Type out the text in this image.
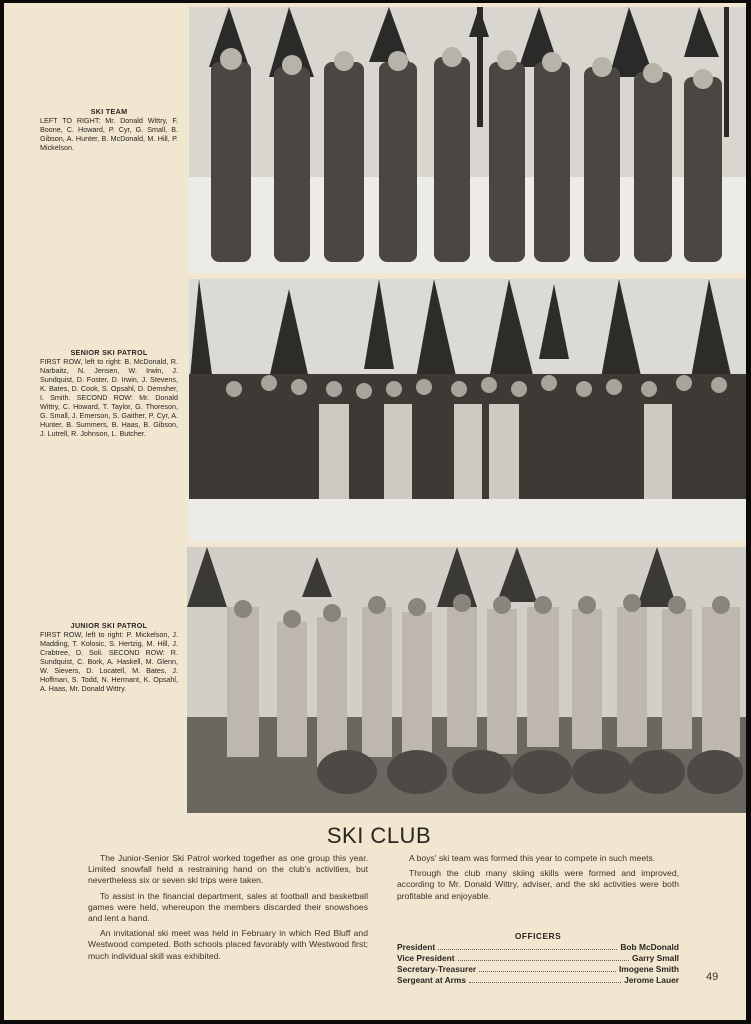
SKI TEAM
LEFT TO RIGHT: Mr. Donald Wittry, F. Boone, C. Howard, P. Cyr, G. Small, B. Gibson, A. Hunter, B. McDonald, M. Hill, P. Mickelson.
SENIOR SKI PATROL
FIRST ROW, left to right: B. McDonald, R. Narbaitz, N. Jensen, W. Irwin, J. Sundquist, D. Foster, D. Irwin, J. Stevens, K. Bates, D. Cook, S. Opsahl, D. Demsher, I. Smith. SECOND ROW: Mr. Donald Wittry, C. Howard, T. Taylor, G. Thoreson, G. Small, J. Emerson, S. Gaither, P. Cyr, A. Hunter, B. Summers, B. Haas, B. Gibson, J. Lutrell, R. Johnson, L. Butcher.
JUNIOR SKI PATROL
FIRST ROW, left to right: P. Mickelson, J. Madding, T. Kolosic, S. Hertzig, M. Hill, J. Crabtree, D. Soli. SECOND ROW: R. Sundquist, C. Bork, A. Haskell, M. Glenn, W. Sievers, D. Locatell, M. Bates, J. Hoffman, S. Todd, N. Hermant, K. Opsahl, A. Haas, Mr. Donald Wittry.
SKI CLUB

The Junior-Senior Ski Patrol worked together as one group this year. Limited snowfall held a restraining hand on the club's activities, but nevertheless six or seven ski trips were taken.

To assist in the financial department, sales at football and basketball games were held, whereupon the members discarded their snowshoes and lent a hand.

An invitational ski meet was held in February in which Red Bluff and Westwood competed. Both schools placed favorably with Westwood first; much individual skill was exhibited.

A boys' ski team was formed this year to compete in such meets.

Through the club many skiing skills were formed and improved, according to Mr. Donald Wittry, adviser, and the ski activities were both profitable and enjoyable.

OFFICERS
President	Bob McDonald
Vice President	Garry Small
Secretary-Treasurer	Imogene Smith
Sergeant at Arms	Jerome Lauer 49
